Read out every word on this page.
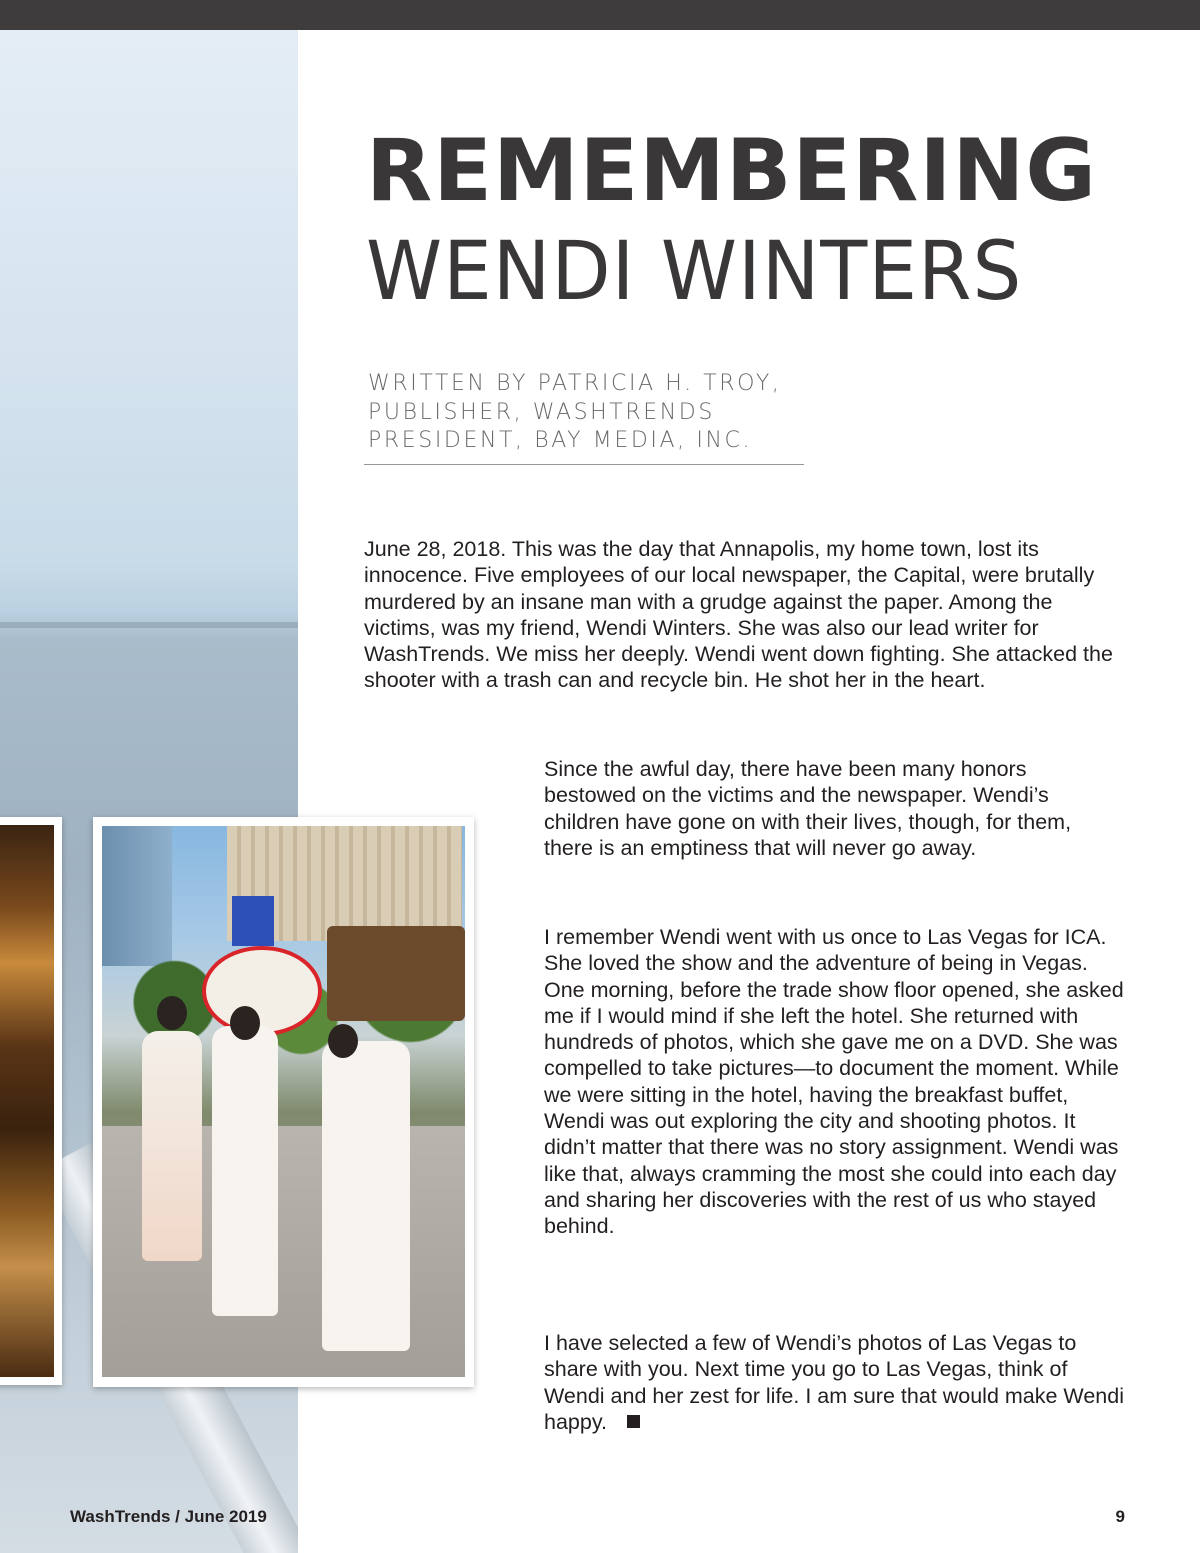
REMEMBERING
WENDI WINTERS
WRITTEN BY PATRICIA H. TROY,
PUBLISHER, WASHTRENDS
PRESIDENT, BAY MEDIA, INC.

June 28, 2018. This was the day that Annapolis, my home town, lost its innocence. Five employees of our local newspaper, the Capital, were brutally murdered by an insane man with a grudge against the paper. Among the victims, was my friend, Wendi Winters. She was also our lead writer for WashTrends. We miss her deeply. Wendi went down fighting. She attacked the shooter with a trash can and recycle bin. He shot her in the heart.

Since the awful day, there have been many honors bestowed on the victims and the newspaper. Wendi’s children have gone on with their lives, though, for them, there is an emptiness that will never go away.

I remember Wendi went with us once to Las Vegas for ICA. She loved the show and the adventure of being in Vegas. One morning, before the trade show floor opened, she asked me if I would mind if she left the hotel. She returned with hundreds of photos, which she gave me on a DVD. She was compelled to take pictures—to document the moment. While we were sitting in the hotel, having the breakfast buffet, Wendi was out exploring the city and shooting photos. It didn’t matter that there was no story assignment. Wendi was like that, always cramming the most she could into each day and sharing her discoveries with the rest of us who stayed behind.

I have selected a few of Wendi’s photos of Las Vegas to share with you. Next time you go to Las Vegas, think of Wendi and her zest for life. I am sure that would make Wendi happy.

WashTrends / June 2019	9
